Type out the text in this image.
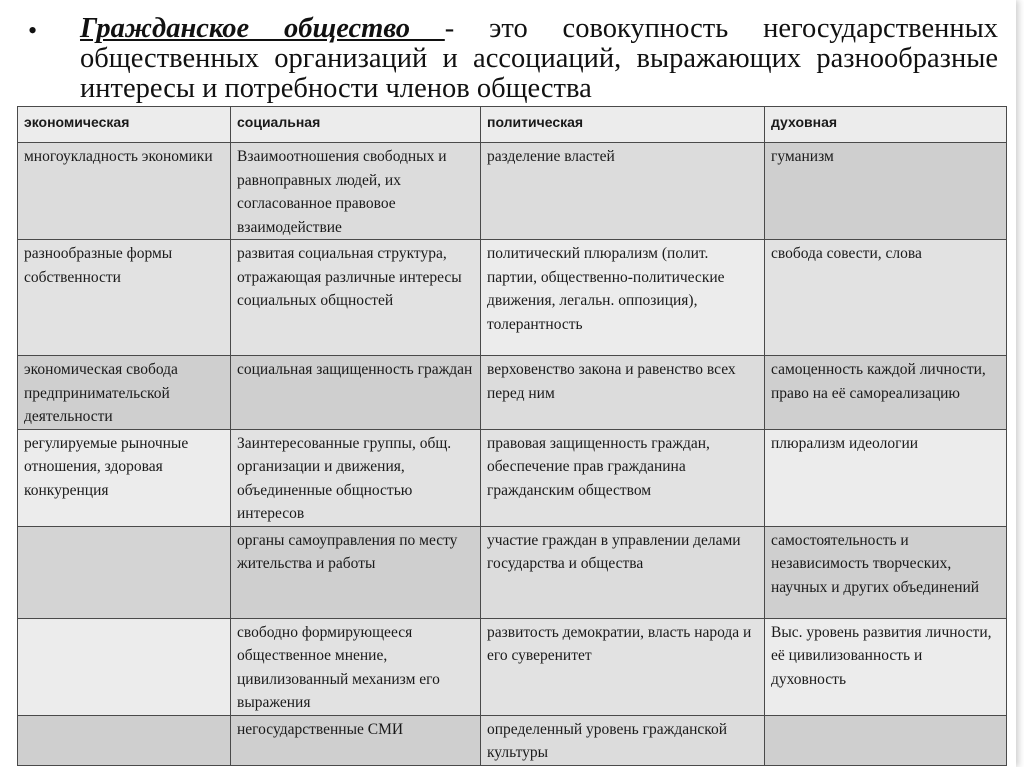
• Гражданское общество - это совокупность негосударственных общественных организаций и ассоциаций, выражающих разнообразные интересы и потребности членов общества
экономическая	социальная	политическая	духовная
многоукладность экономики	Взаимоотношения свободных и равноправных людей, их согласованное правовое взаимодействие	разделение властей	гуманизм
разнообразные формы собственности	развитая социальная структура, отражающая различные интересы социальных общностей	политический плюрализм (полит. партии, общественно-политические движения, легальн. оппозиция), толерантность	свобода совести, слова
экономическая свобода предпринимательской деятельности	социальная защищенность граждан	верховенство закона и равенство всех перед ним	самоценность каждой личности, право на её самореализацию
регулируемые рыночные отношения, здоровая конкуренция	Заинтересованные группы, общ. организации и движения, объединенные общностью интересов	правовая защищенность граждан, обеспечение прав гражданина гражданским обществом	плюрализм идеологии
	органы самоуправления по месту жительства и работы	участие граждан в управлении делами государства и общества	самостоятельность и независимость творческих, научных и других объединений
	свободно формирующееся общественное мнение, цивилизованный механизм его выражения	развитость демократии, власть народа и его суверенитет	Выс. уровень развития личности, её цивилизованность и духовность
	негосударственные СМИ	определенный уровень гражданской культуры	
